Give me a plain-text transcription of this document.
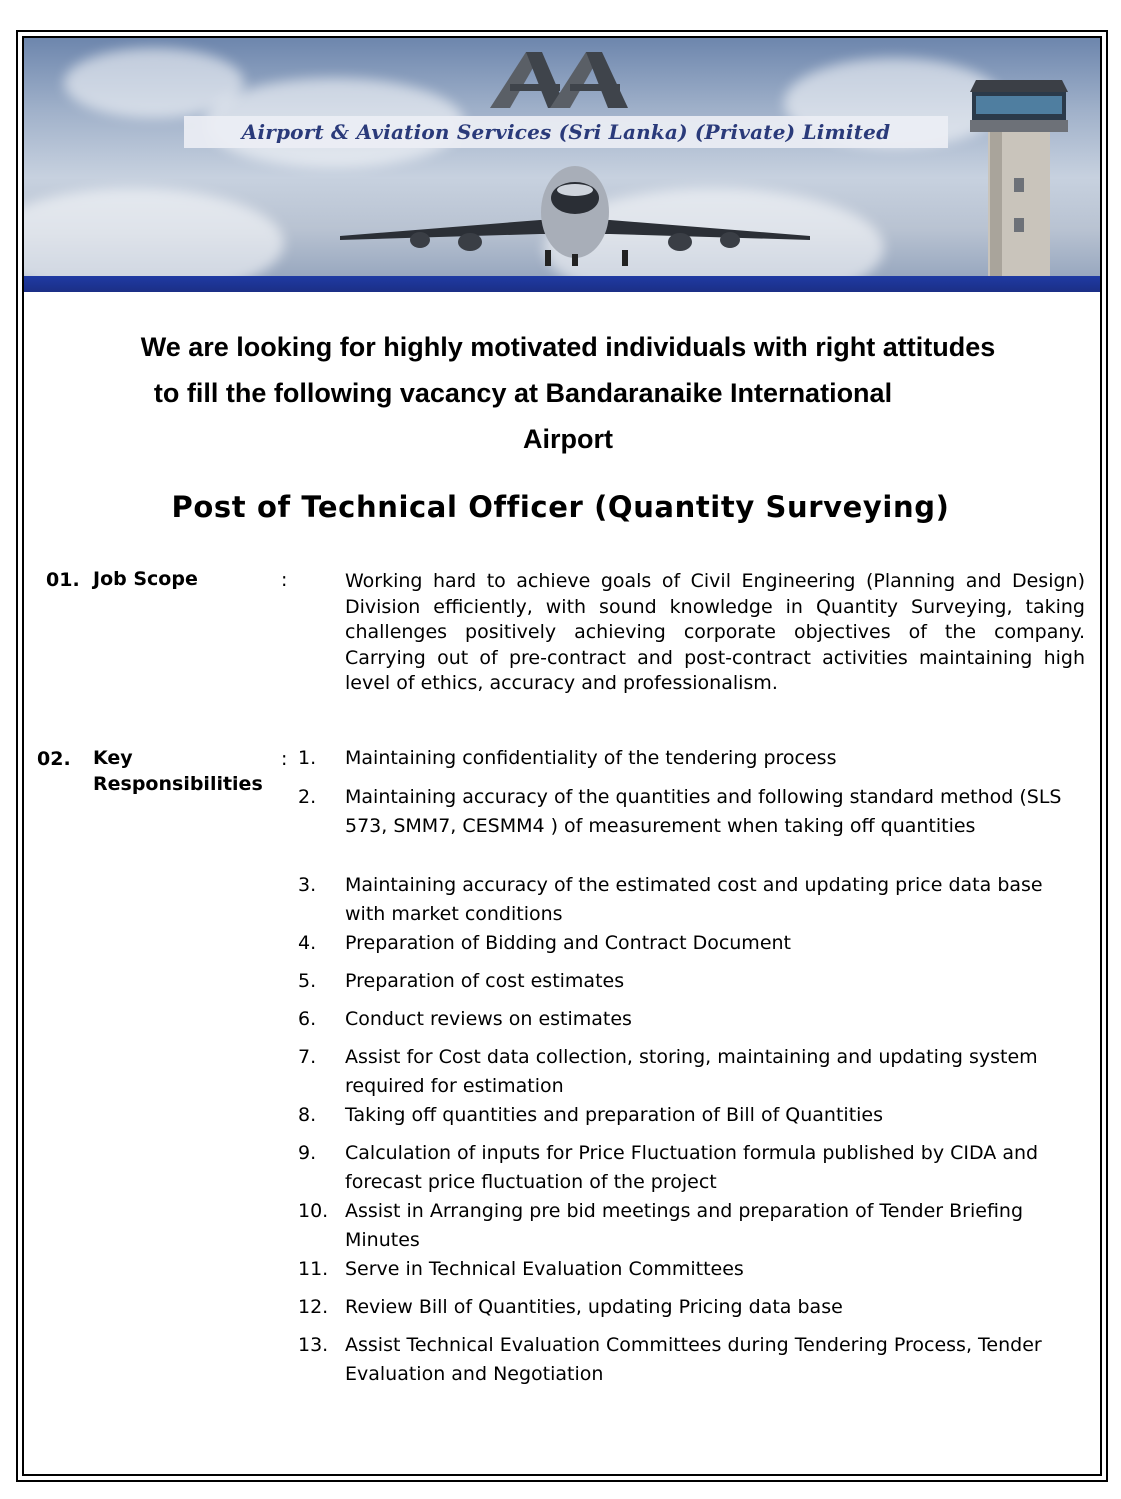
Airport & Aviation Services (Sri Lanka) (Private) Limited
We are looking for highly motivated individuals with right attitudes
to fill the following vacancy at Bandaranaike International
Airport
Post of Technical Officer (Quantity Surveying)
01. Job Scope	:	Working hard to achieve goals of Civil Engineering (Planning and Design) Division efficiently, with sound knowledge in Quantity Surveying, taking challenges positively achieving corporate objectives of the company. Carrying out of pre-contract and post-contract activities maintaining high level of ethics, accuracy and professionalism.
02. Key
Responsibilities
: 1.	Maintaining confidentiality of the tendering process
2.	Maintaining accuracy of the quantities and following standard method (SLS 573, SMM7, CESMM4 ) of measurement when taking off quantities
3.	Maintaining accuracy of the estimated cost and updating price data base with market conditions
4.	Preparation of Bidding and Contract Document
5.	Preparation of cost estimates
6.	Conduct reviews on estimates
7.	Assist for Cost data collection, storing, maintaining and updating system required for estimation
8.	Taking off quantities and preparation of Bill of Quantities
9.	Calculation of inputs for Price Fluctuation formula published by CIDA and forecast price fluctuation of the project
10. Assist in Arranging pre bid meetings and preparation of Tender Briefing Minutes
11. Serve in Technical Evaluation Committees
12. Review Bill of Quantities, updating Pricing data base
13. Assist Technical Evaluation Committees during Tendering Process, Tender Evaluation and Negotiation
